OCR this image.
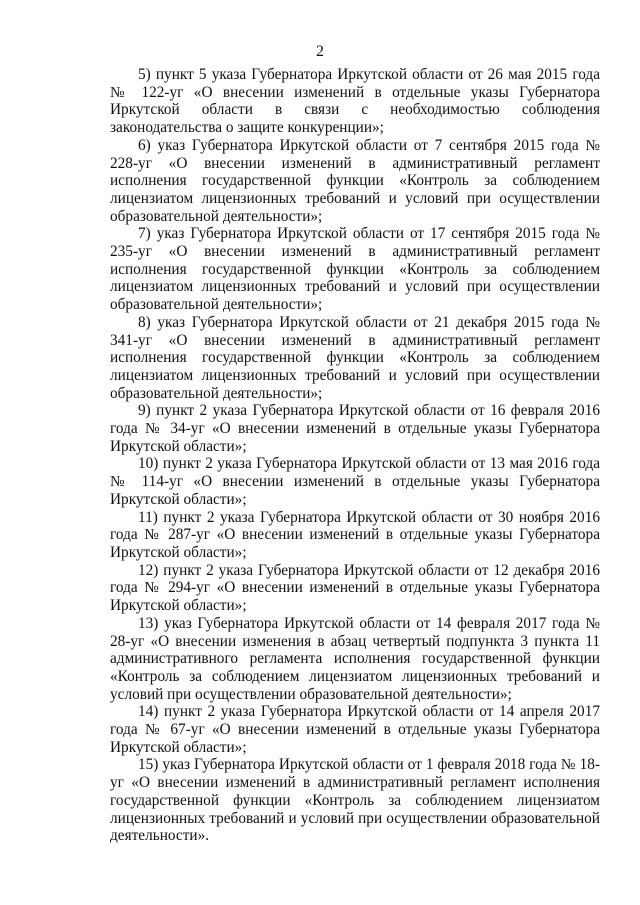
2

5) пункт 5 указа Губернатора Иркутской области от 26 мая 2015 года № 122-уг «О внесении изменений в отдельные указы Губернатора Иркутской области в связи с необходимостью соблюдения законодательства о защите конкуренции»;

6) указ Губернатора Иркутской области от 7 сентября 2015 года № 228-уг «О внесении изменений в административный регламент исполнения государственной функции «Контроль за соблюдением лицензиатом лицензионных требований и условий при осуществлении образовательной деятельности»;

7) указ Губернатора Иркутской области от 17 сентября 2015 года № 235-уг «О внесении изменений в административный регламент исполнения государственной функции «Контроль за соблюдением лицензиатом лицензионных требований и условий при осуществлении образовательной деятельности»;

8) указ Губернатора Иркутской области от 21 декабря 2015 года № 341-уг «О внесении изменений в административный регламент исполнения государственной функции «Контроль за соблюдением лицензиатом лицензионных требований и условий при осуществлении образовательной деятельности»;

9) пункт 2 указа Губернатора Иркутской области от 16 февраля 2016 года № 34-уг «О внесении изменений в отдельные указы Губернатора Иркутской области»;

10) пункт 2 указа Губернатора Иркутской области от 13 мая 2016 года № 114-уг «О внесении изменений в отдельные указы Губернатора Иркутской области»;

11) пункт 2 указа Губернатора Иркутской области от 30 ноября 2016 года № 287-уг «О внесении изменений в отдельные указы Губернатора Иркутской области»;

12) пункт 2 указа Губернатора Иркутской области от 12 декабря 2016 года № 294-уг «О внесении изменений в отдельные указы Губернатора Иркутской области»;

13) указ Губернатора Иркутской области от 14 февраля 2017 года № 28-уг «О внесении изменения в абзац четвертый подпункта 3 пункта 11 административного регламента исполнения государственной функции «Контроль за соблюдением лицензиатом лицензионных требований и условий при осуществлении образовательной деятельности»;

14) пункт 2 указа Губернатора Иркутской области от 14 апреля 2017 года № 67-уг «О внесении изменений в отдельные указы Губернатора Иркутской области»;

15) указ Губернатора Иркутской области от 1 февраля 2018 года № 18-уг «О внесении изменений в административный регламент исполнения государственной функции «Контроль за соблюдением лицензиатом лицензионных требований и условий при осуществлении образовательной деятельности».
